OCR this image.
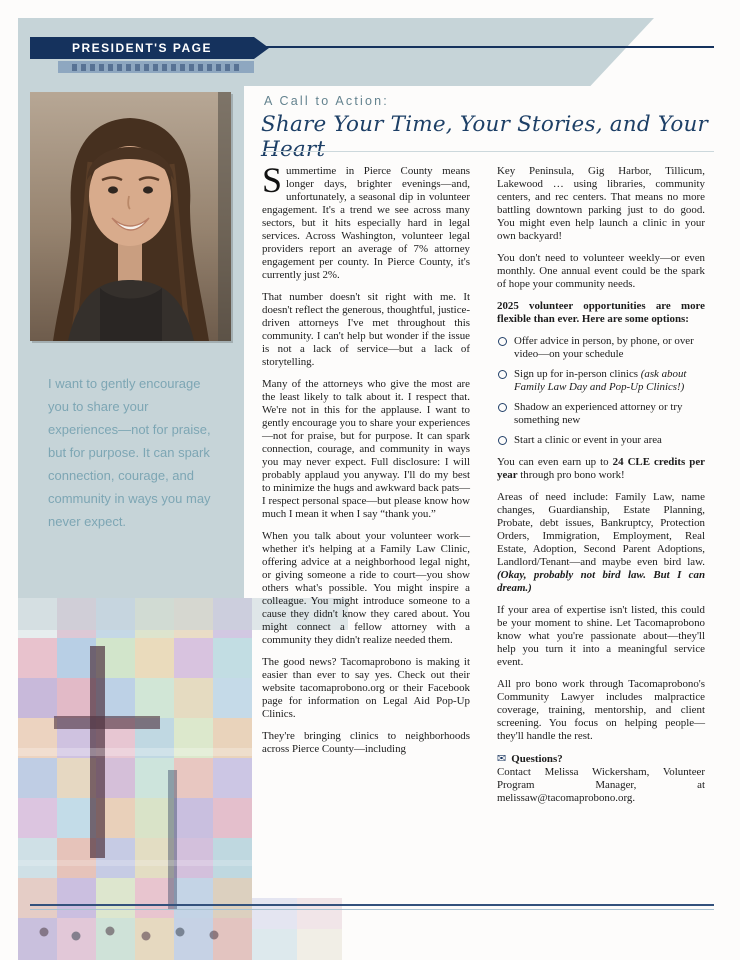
PRESIDENT'S PAGE
I want to gently encourage you to share your experiences—not for praise, but for purpose. It can spark connection, courage, and community in ways you may never expect.
A Call to Action:
Share Your Time, Your Stories, and Your Heart

Summertime in Pierce County means longer days, brighter evenings—and, unfortunately, a seasonal dip in volunteer engagement. It's a trend we see across many sectors, but it hits especially hard in legal services. Across Washington, volunteer legal providers report an average of 7% attorney engagement per county. In Pierce County, it's currently just 2%.

That number doesn't sit right with me. It doesn't reflect the generous, thoughtful, justice-driven attorneys I've met throughout this community. I can't help but wonder if the issue is not a lack of service—but a lack of storytelling.

Many of the attorneys who give the most are the least likely to talk about it. I respect that. We're not in this for the applause. I want to gently encourage you to share your experiences—not for praise, but for purpose. It can spark connection, courage, and community in ways you may never expect. Full disclosure: I will probably applaud you anyway. I'll do my best to minimize the hugs and awkward back pats—I respect personal space—but please know how much I mean it when I say “thank you.”

When you talk about your volunteer work—whether it's helping at a Family Law Clinic, offering advice at a neighborhood legal night, or giving someone a ride to court—you show others what's possible. You might inspire a colleague. You might introduce someone to a cause they didn't know they cared about. You might connect a fellow attorney with a community they didn't realize needed them.

The good news? Tacomaprobono is making it easier than ever to say yes. Check out their website tacomaprobono.org or their Facebook page for information on Legal Aid Pop-Up Clinics.

They're bringing clinics to neighborhoods across Pierce County—including

Key Peninsula, Gig Harbor, Tillicum, Lakewood … using libraries, community centers, and rec centers. That means no more battling downtown parking just to do good. You might even help launch a clinic in your own backyard!

You don't need to volunteer weekly—or even monthly. One annual event could be the spark of hope your community needs.

2025 volunteer opportunities are more flexible than ever. Here are some options:

Offer advice in person, by phone, or over video—on your schedule
Sign up for in-person clinics (ask about Family Law Day and Pop-Up Clinics!)
Shadow an experienced attorney or try something new
Start a clinic or event in your area

You can even earn up to 24 CLE credits per year through pro bono work!

Areas of need include: Family Law, name changes, Guardianship, Estate Planning, Probate, debt issues, Bankruptcy, Protection Orders, Immigration, Employment, Real Estate, Adoption, Second Parent Adoptions, Landlord/Tenant—and maybe even bird law. (Okay, probably not bird law. But I can dream.)

If your area of expertise isn't listed, this could be your moment to shine. Let Tacomaprobono know what you're passionate about—they'll help you turn it into a meaningful service event.

All pro bono work through Tacomaprobono's Community Lawyer includes malpractice coverage, training, mentorship, and client screening. You focus on helping people—they'll handle the rest.

✉ Questions?
Contact Melissa Wickersham, Volunteer Program Manager, at melissaw@tacomaprobono.org.
